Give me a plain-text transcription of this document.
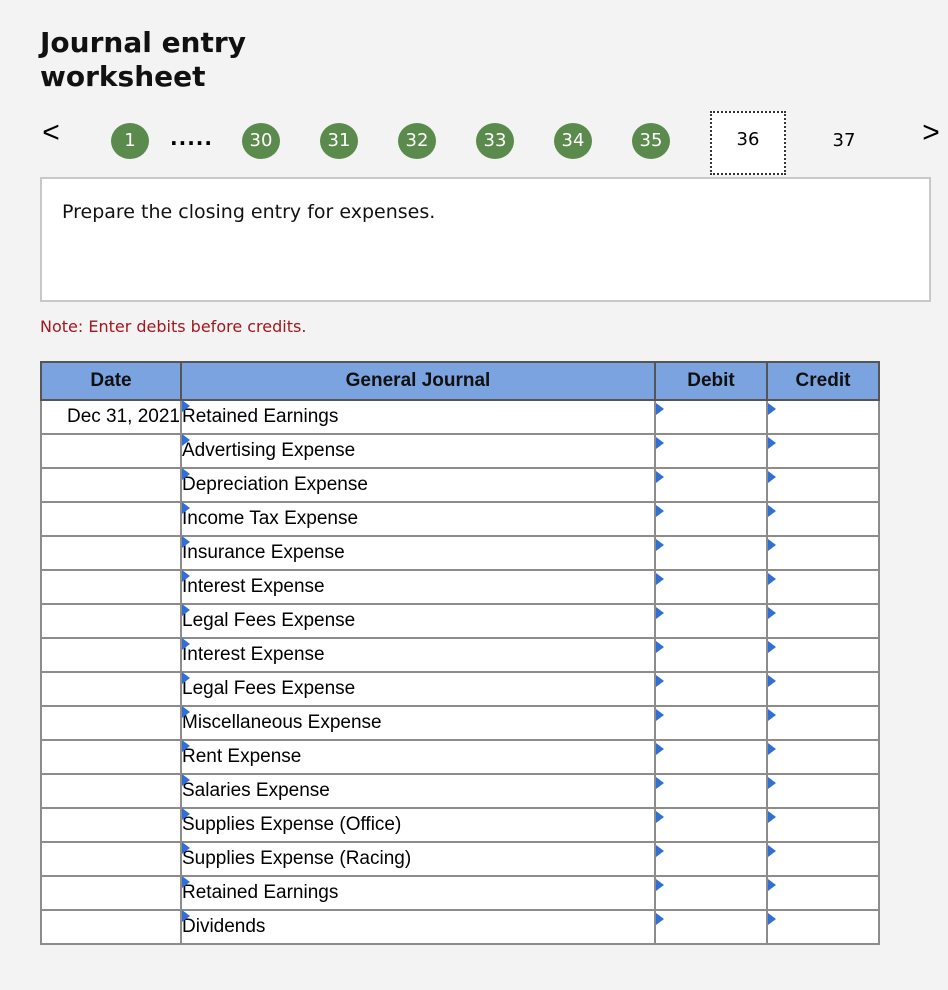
Journal entry
worksheet
<	1	.....	30	31	32	33	34	35	36	37	>
Prepare the closing entry for expenses.
Note: Enter debits before credits.
Date	General Journal	Debit	Credit
Dec 31, 2021	Retained Earnings	

Advertising Expense	

Depreciation Expense	

Income Tax Expense	

Insurance Expense	

Interest Expense	

Legal Fees Expense	

Interest Expense	

Legal Fees Expense	

Miscellaneous Expense	

Rent Expense	

Salaries Expense	

Supplies Expense (Office)	

Supplies Expense (Racing)	

Retained Earnings	

Dividends	
